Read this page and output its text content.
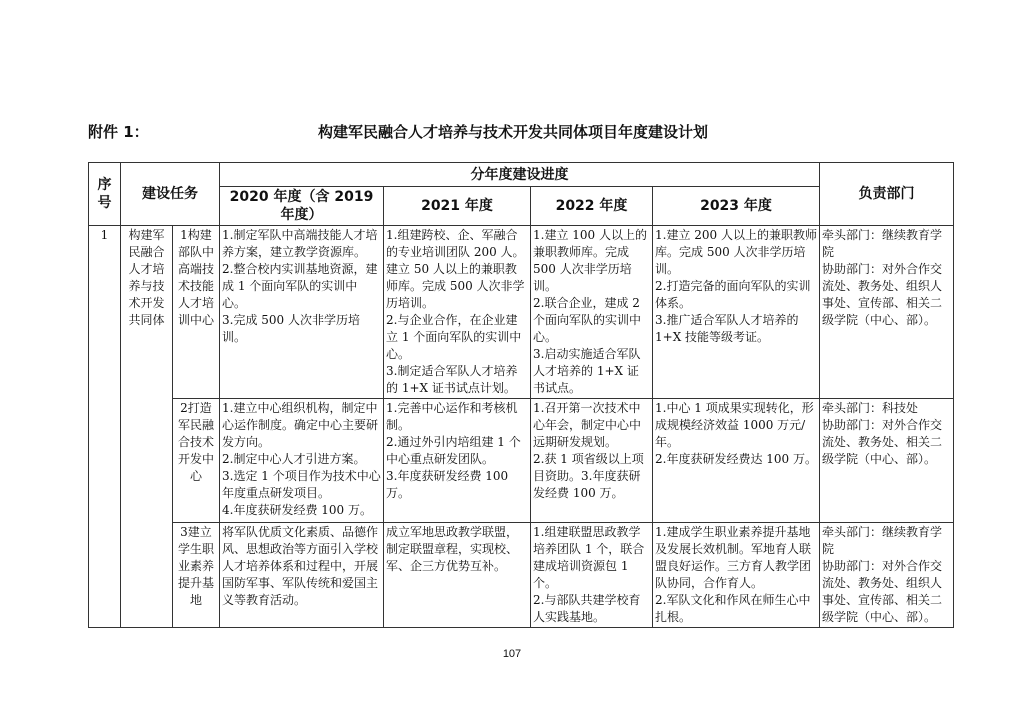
附件 1：	构建军民融合人才培养与技术开发共同体项目年度建设计划
序号	建设任务		分年度建设进度				负责部门
			2020 年度（含 2019 年度）	2021 年度	2022 年度	2023 年度	
1	构建军民融合人才培养与技术开发共同体	1构建部队中高端技术技能人才培训中心	1.制定军队中高端技能人才培养方案，建立教学资源库。
2.整合校内实训基地资源，建成 1 个面向军队的实训中心。
3.完成 500 人次非学历培训。	1.组建跨校、企、军融合的专业培训团队 200 人。建立 50 人以上的兼职教师库。完成 500 人次非学历培训。
2.与企业合作，在企业建立 1 个面向军队的实训中心。
3.制定适合军队人才培养的 1+X 证书试点计划。	1.建立 100 人以上的兼职教师库。完成 500 人次非学历培训。
2.联合企业，建成 2 个面向军队的实训中心。
3.启动实施适合军队人才培养的 1+X 证书试点。	1.建立 200 人以上的兼职教师库。完成 500 人次非学历培训。
2.打造完备的面向军队的实训体系。
3.推广适合军队人才培养的 1+X 技能等级考证。	牵头部门：继续教育学院
协助部门：对外合作交流处、教务处、组织人事处、宣传部、相关二级学院（中心、部）。

		2打造军民融合技术开发中心	1.建立中心组织机构，制定中心运作制度。确定中心主要研发方向。
2.制定中心人才引进方案。
3.选定 1 个项目作为技术中心年度重点研发项目。
4.年度获研发经费 100 万。	1.完善中心运作和考核机制。
2.通过外引内培组建 1 个中心重点研发团队。
3.年度获研发经费 100 万。	1.召开第一次技术中心年会，制定中心中远期研发规划。
2.获 1 项省级以上项目资助。3.年度获研发经费 100 万。	1.中心 1 项成果实现转化，形成规模经济效益 1000 万元/年。
2.年度获研发经费达 100 万。	牵头部门：科技处
协助部门：对外合作交流处、教务处、相关二级学院（中心、部）。

		3建立学生职业素养提升基地	将军队优质文化素质、品德作风、思想政治等方面引入学校人才培养体系和过程中，开展国防军事、军队传统和爱国主义等教育活动。	成立军地思政教学联盟，制定联盟章程，实现校、军、企三方优势互补。	1.组建联盟思政教学培养团队 1 个，联合建成培训资源包 1 个。
2.与部队共建学校育人实践基地。	1.建成学生职业素养提升基地及发展长效机制。军地育人联盟良好运作。三方育人教学团队协同，合作育人。
2.军队文化和作风在师生心中扎根。	牵头部门：继续教育学院
协助部门：对外合作交流处、教务处、组织人事处、宣传部、相关二级学院（中心、部）。
107
